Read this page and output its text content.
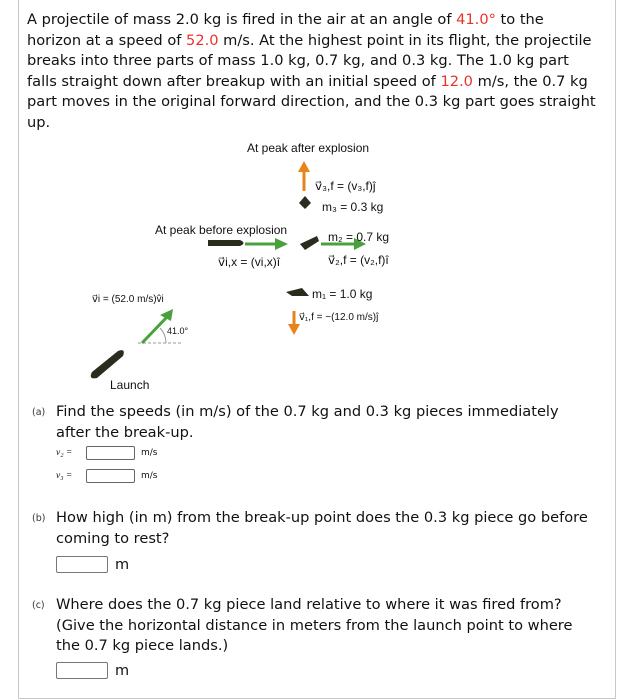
A projectile of mass 2.0 kg is fired in the air at an angle of 41.0° to the horizon at a speed of 52.0 m/s. At the highest point in its flight, the projectile breaks into three parts of mass 1.0 kg, 0.7 kg, and 0.3 kg. The 1.0 kg part falls straight down after breakup with an initial speed of 12.0 m/s, the 0.7 kg part moves in the original forward direction, and the 0.3 kg part goes straight up.
At peak after explosion
v⃗₃,f = (v₃,f)ĵ
m₃ = 0.3 kg
At peak before explosion	m₂ = 0.7 kg
v⃗i,x = (vi,x)î	v⃗₂,f = (v₂,f)î
v⃗i = (52.0 m/s)v̂i	m₁ = 1.0 kg
v⃗₁,f = −(12.0 m/s)ĵ
41.0°
Launch
(a) Find the speeds (in m/s) of the 0.7 kg and 0.3 kg pieces immediately after the break-up.
v₂ =	m/s
v₃ =	m/s
(b) How high (in m) from the break-up point does the 0.3 kg piece go before coming to rest?
m
(c) Where does the 0.7 kg piece land relative to where it was fired from? (Give the horizontal distance in meters from the launch point to where the 0.7 kg piece lands.)
m
